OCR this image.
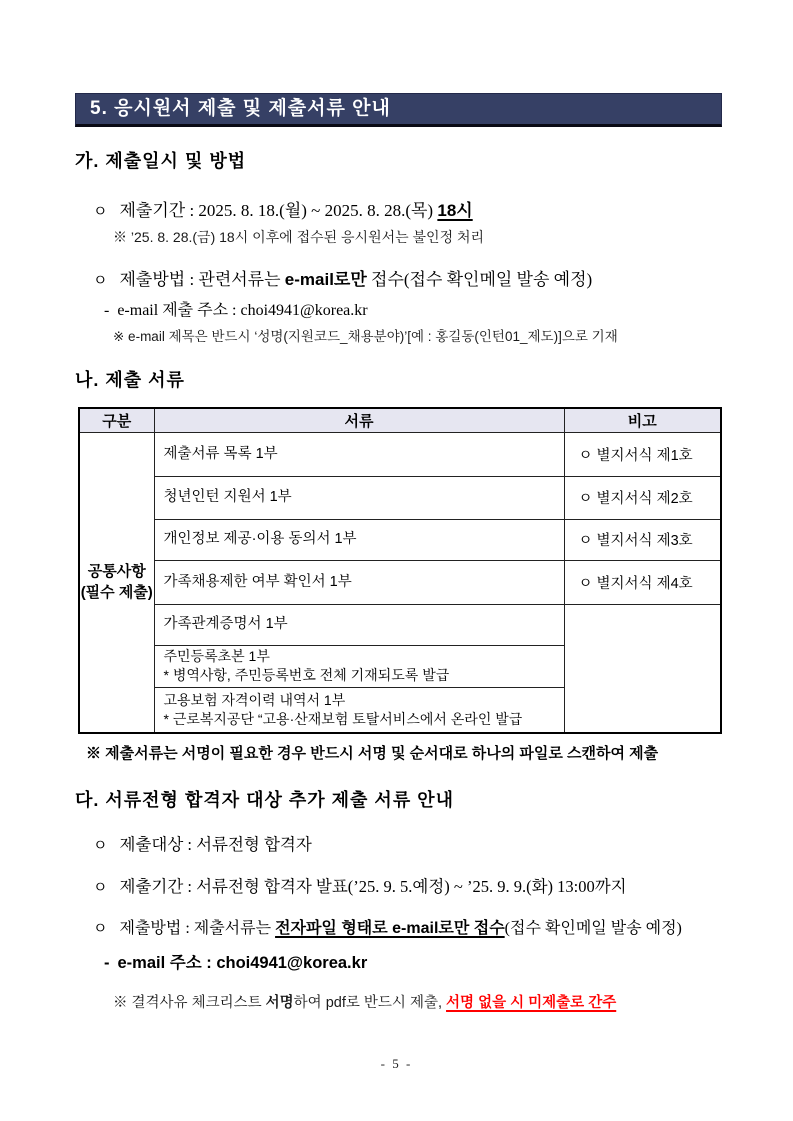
5. 응시원서 제출 및 제출서류 안내
가. 제출일시 및 방법
ㅇ 제출기간 : 2025. 8. 18.(월) ~ 2025. 8. 28.(목) 18시
※ ’25. 8. 28.(금) 18시 이후에 접수된 응시원서는 불인정 처리
ㅇ 제출방법 : 관련서류는 e-mail로만 접수(접수 확인메일 발송 예정)
- e-mail 제출 주소 : choi4941@korea.kr
※ e-mail 제목은 반드시 ‘성명(지원코드_채용분야)’[예 : 홍길동(인턴01_제도)]으로 기재
나. 제출 서류
구분	서류	비고

공통사항
(필수 제출)	제출서류 목록 1부	ㅇ 별지서식 제1호
	청년인턴 지원서 1부	ㅇ 별지서식 제2호
	개인정보 제공·이용 동의서 1부	ㅇ 별지서식 제3호
	가족채용제한 여부 확인서 1부	ㅇ 별지서식 제4호
	가족관계증명서 1부	

	주민등록초본 1부
* 병역사항, 주민등록번호 전체 기재되도록 발급	

	고용보험 자격이력 내역서 1부
* 근로복지공단 “고용·산재보험 토탈서비스에서 온라인 발급	
※ 제출서류는 서명이 필요한 경우 반드시 서명 및 순서대로 하나의 파일로 스캔하여 제출
다. 서류전형 합격자 대상 추가 제출 서류 안내
ㅇ 제출대상 : 서류전형 합격자
ㅇ 제출기간 : 서류전형 합격자 발표(’25. 9. 5.예정) ~ ’25. 9. 9.(화) 13:00까지
ㅇ 제출방법 : 제출서류는 전자파일 형태로 e-mail로만 접수(접수 확인메일 발송 예정)
- e-mail 주소 : choi4941@korea.kr
※ 결격사유 체크리스트 서명하여 pdf로 반드시 제출, 서명 없을 시 미제출로 간주
- 5 -
